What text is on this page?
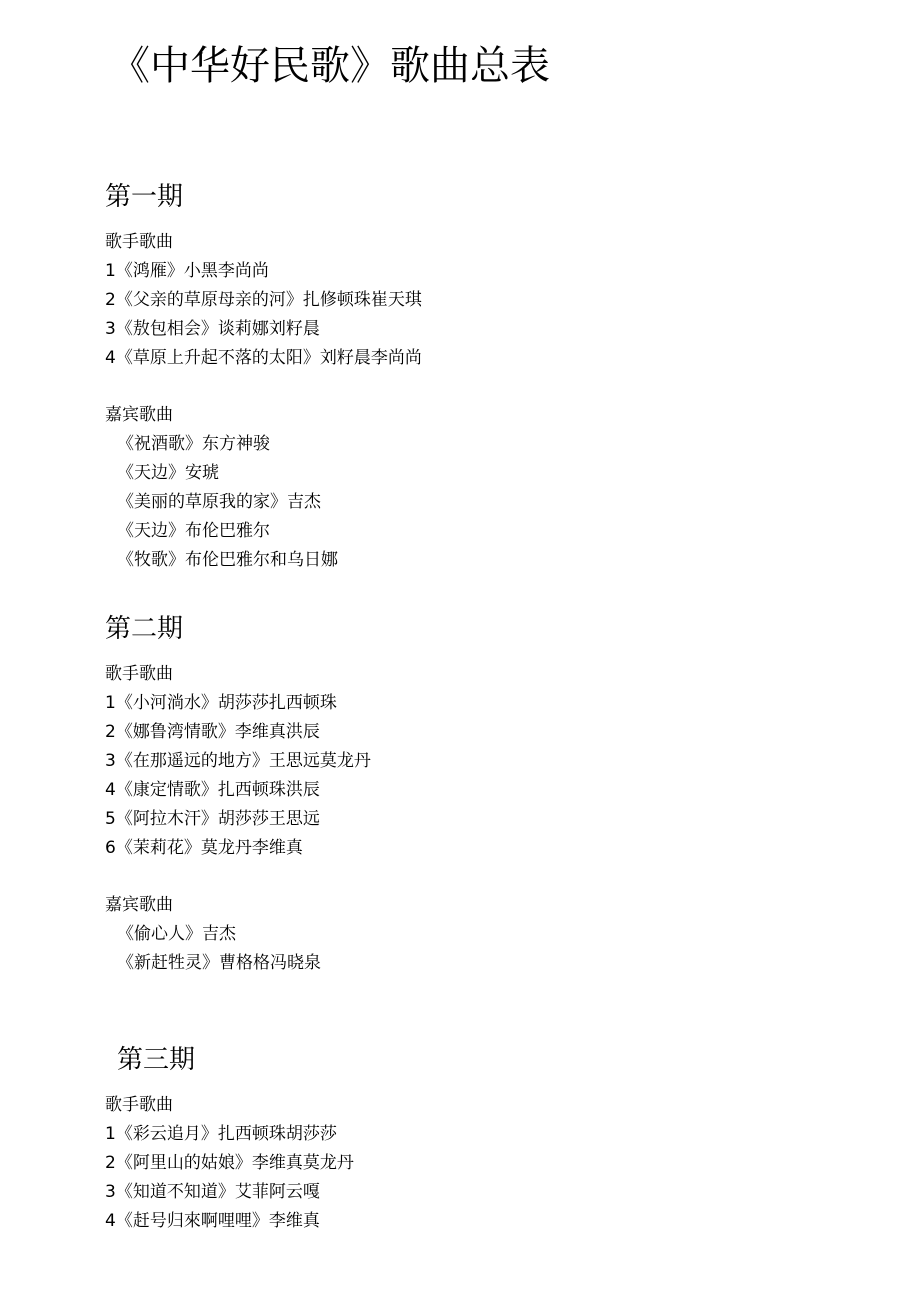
《中华好民歌》歌曲总表
第一期

歌手歌曲

1《鸿雁》小黑李尚尚

2《父亲的草原母亲的河》扎修顿珠崔天琪

3《敖包相会》谈莉娜刘籽晨

4《草原上升起不落的太阳》刘籽晨李尚尚

嘉宾歌曲

《祝酒歌》东方神骏

《天边》安琥

《美丽的草原我的家》吉杰

《天边》布伦巴雅尔

《牧歌》布伦巴雅尔和乌日娜

第二期

歌手歌曲

1《小河淌水》胡莎莎扎西顿珠

2《娜鲁湾情歌》李维真洪辰

3《在那遥远的地方》王思远莫龙丹

4《康定情歌》扎西顿珠洪辰

5《阿拉木汗》胡莎莎王思远

6《茉莉花》莫龙丹李维真

嘉宾歌曲

《偷心人》吉杰

《新赶牲灵》曹格格冯晓泉

第三期

歌手歌曲

1《彩云追月》扎西顿珠胡莎莎

2《阿里山的姑娘》李维真莫龙丹

3《知道不知道》艾菲阿云嘎

4《赶号归來啊哩哩》李维真
